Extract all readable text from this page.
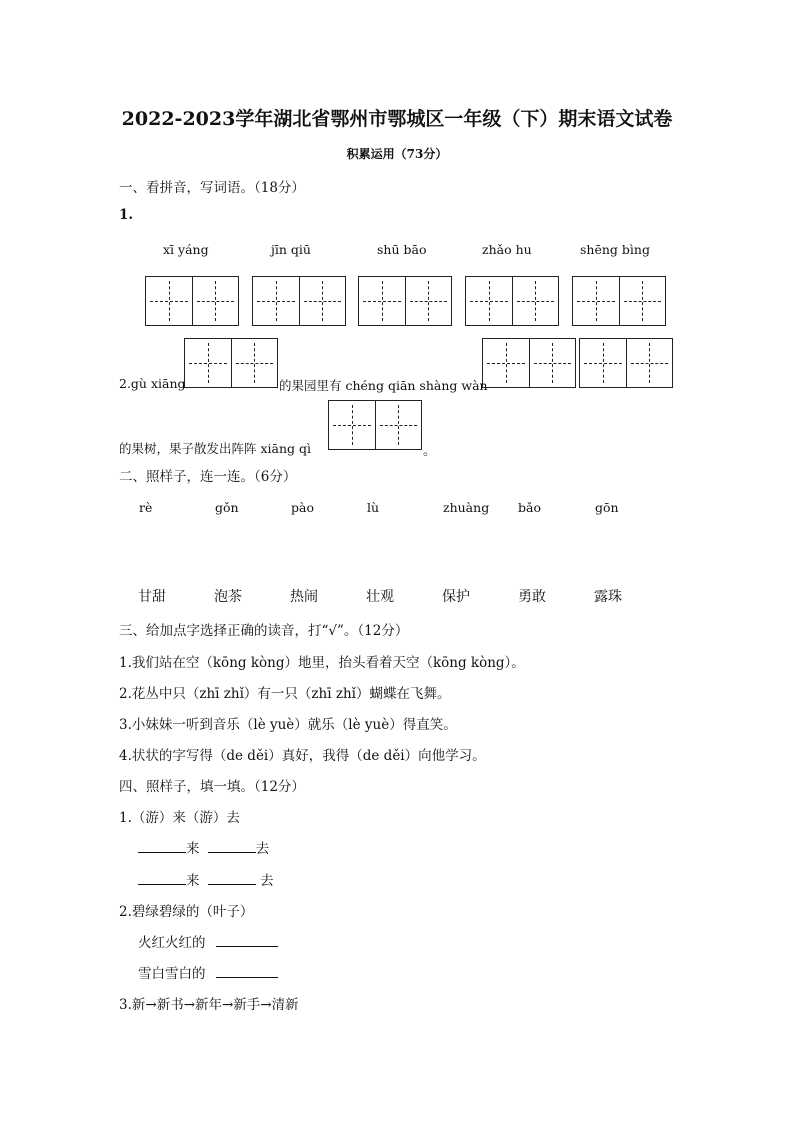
2022-2023学年湖北省鄂州市鄂城区一年级（下）期末语文试卷
积累运用（73分）
一、看拼音，写词语。（18分）
1.
xī yáng	jīn qiū	shū bāo	zhǎo hu	shēng bìng
2.gù xiāng	的果园里有 chéng qiān shàng wàn
的果树，果子散发出阵阵 xiāng qì	。
二、照样子，连一连。（6分）
rè	gǒn	pào	lù	zhuàng bǎo	gōn
甘甜	泡茶	热闹	壮观	保护	勇敢	露珠
三、给加点字选择正确的读音，打“√”。（12分）
1.我们站在空（kōng kòng）地里，抬头看着天空（kōng kòng）。
2.花丛中只（zhī zhǐ）有一只（zhī zhǐ）蝴蝶在飞舞。
3.小妹妹一听到音乐（lè yuè）就乐（lè yuè）得直笑。
4.状状的字写得（de děi）真好，我得（de děi）向他学习。
四、照样子，填一填。（12分）
1.（游）来（游）去
来	去
来	去
2.碧绿碧绿的（叶子）
火红火红的
雪白雪白的
3.新→新书→新年→新手→清新
